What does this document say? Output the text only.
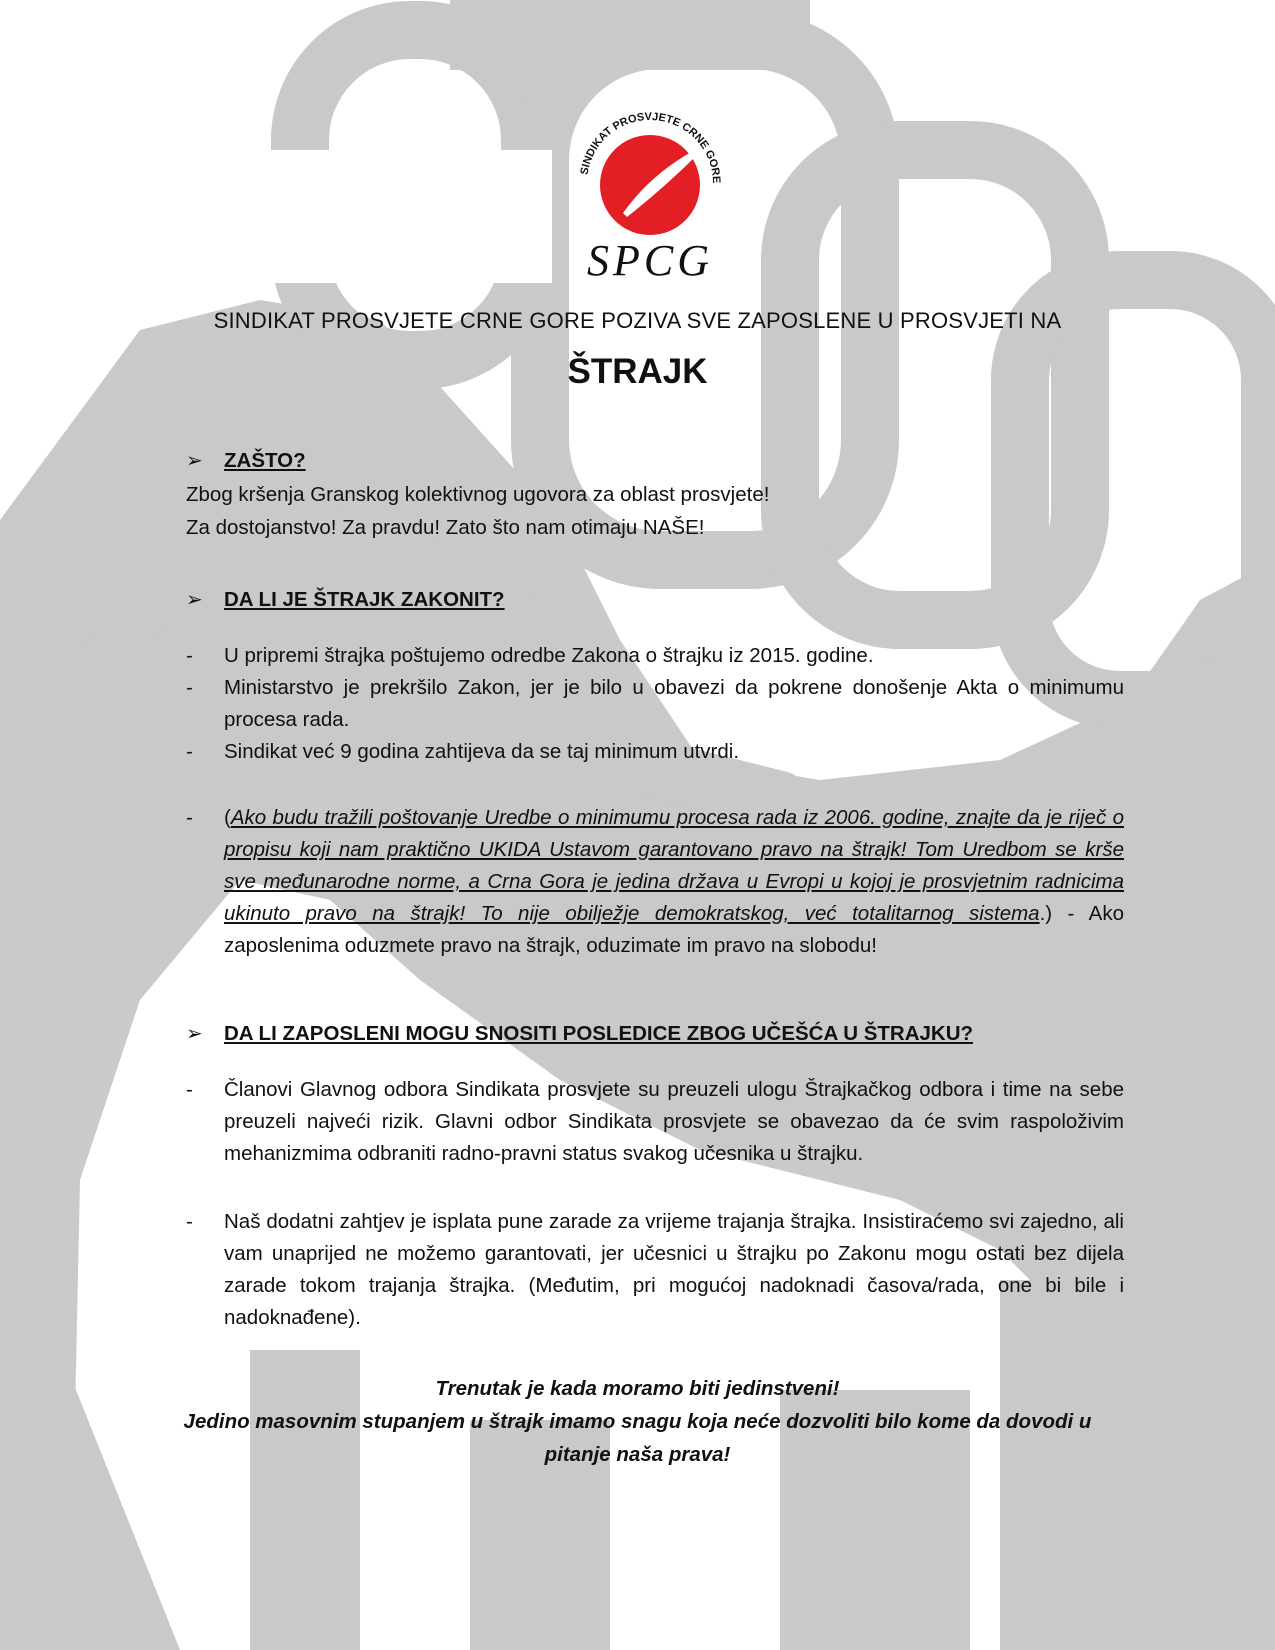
SINDIKAT PROSVJETE CRNE GORE
SPCG
SINDIKAT PROSVJETE CRNE GORE POZIVA SVE ZAPOSLENE U PROSVJETI NA
ŠTRAJK
➢ ZAŠTO?
Zbog kršenja Granskog kolektivnog ugovora za oblast prosvjete!
Za dostojanstvo! Za pravdu! Zato što nam otimaju NAŠE!
➢ DA LI JE ŠTRAJK ZAKONIT?
- U pripremi štrajka poštujemo odredbe Zakona o štrajku iz 2015. godine.
- Ministarstvo je prekršilo Zakon, jer je bilo u obavezi da pokrene donošenje Akta o minimumu procesa rada.
- Sindikat već 9 godina zahtijeva da se taj minimum utvrdi.
- (Ako budu tražili poštovanje Uredbe o minimumu procesa rada iz 2006. godine, znajte da je riječ o propisu koji nam praktično UKIDA Ustavom garantovano pravo na štrajk! Tom Uredbom se krše sve međunarodne norme, a Crna Gora je jedina država u Evropi u kojoj je prosvjetnim radnicima ukinuto pravo na štrajk! To nije obilježje demokratskog, već totalitarnog sistema.) - Ako zaposlenima oduzmete pravo na štrajk, oduzimate im pravo na slobodu!
➢ DA LI ZAPOSLENI MOGU SNOSITI POSLEDICE ZBOG UČEŠĆA U ŠTRAJKU?
- Članovi Glavnog odbora Sindikata prosvjete su preuzeli ulogu Štrajkačkog odbora i time na sebe preuzeli najveći rizik. Glavni odbor Sindikata prosvjete se obavezao da će svim raspoloživim mehanizmima odbraniti radno-pravni status svakog učesnika u štrajku.
- Naš dodatni zahtjev je isplata pune zarade za vrijeme trajanja štrajka. Insistiraćemo svi zajedno, ali vam unaprijed ne možemo garantovati, jer učesnici u štrajku po Zakonu mogu ostati bez dijela zarade tokom trajanja štrajka. (Međutim, pri mogućoj nadoknadi časova/rada, one bi bile i nadoknađene).
Trenutak je kada moramo biti jedinstveni!
Jedino masovnim stupanjem u štrajk imamo snagu koja neće dozvoliti bilo kome da dovodi u
pitanje naša prava!
